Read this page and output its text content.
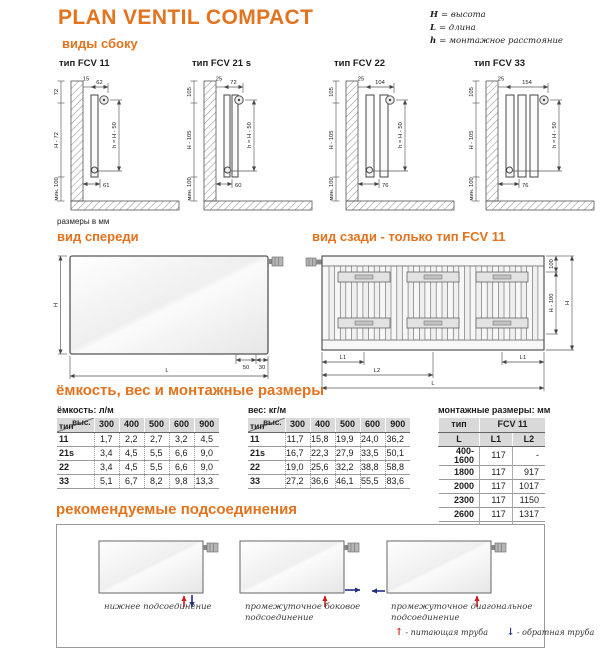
PLAN VENTIL COMPACT	H = высота
L = длина
h = монтажное расстояние
виды сбоку
тип FCV 11
72
H - 72
мин. 100
15
62
h = H - 50
61
тип FCV 21 s
105
H - 105
мин. 100
25
72
h = H - 50
60
тип FCV 22
105
H - 105
мин. 100
25
104
h = H - 50
76
тип FCV 33
105
H - 105
мин. 100
25
154
h = H - 50
76
размеры в мм
вид спереди	вид сзади - только тип FCV 11
H
L	50 30
100
H - 100 H
L1	L1
L2
L
ёмкость, вес и монтажные размеры
ёмкость: л/м
выс.
тип	300	400	500	600	900
11	1,7	2,2	2,7	3,2	4,5
21s	3,4	4,5	5,5	6,6	9,0
22	3,4	4,5	5,5	6,6	9,0
33	5,1	6,7	8,2	9,8	13,3
вес: кг/м
выс.
тип	300	400	500	600	900
11	11,7	15,8	19,9	24,0	36,2
21s	16,7	22,3	27,9	33,5	50,1
22	19,0	25,6	32,2	38,8	58,8
33	27,2	36,6	46,1	55,5	83,6
монтажные размеры: мм
тип	FCV 11	
L	L1	L2
400-1600	117	-
1800	117	917
2000	117	1017
2300	117	1150
2600	117	1317

рекомендуемые подсоединения
нижнее подсоединение	промежуточное боковое
подсоединение
промежуточное диагональное
подсоединение
↑ - питающая труба ↓ - обратная труба
